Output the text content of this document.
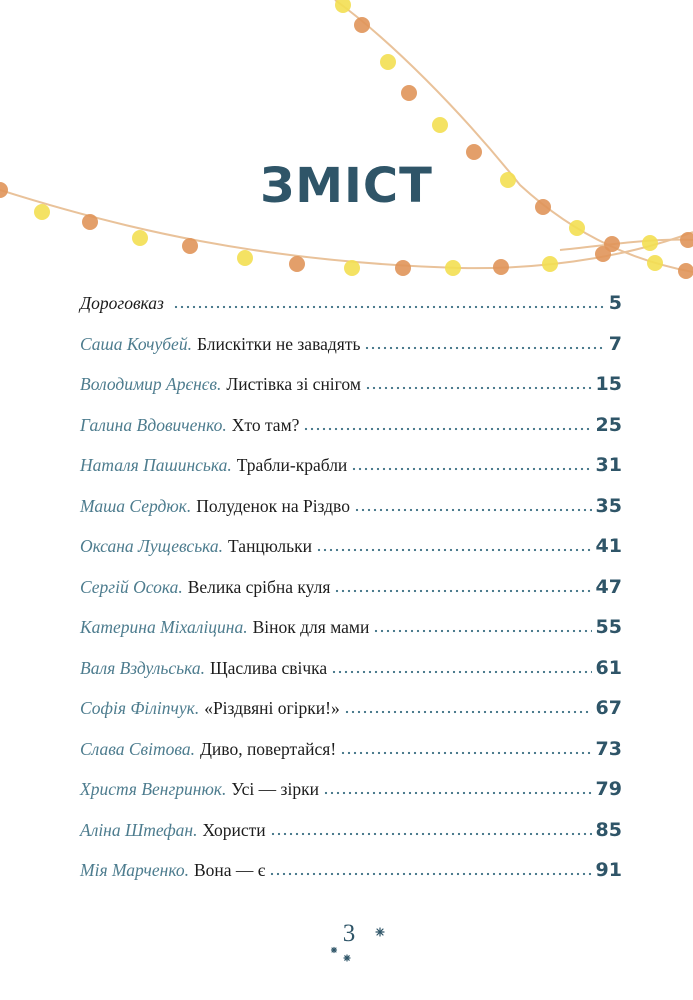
ЗМІСТ
Дороговказ	5
Саша Кочубей. Блискітки не завадять	7
Володимир Арєнєв. Листівка зі снігом	15
Галина Вдовиченко. Хто там?	25
Наталя Пашинська. Трабли-крабли	31
Маша Сердюк. Полуденок на Різдво	35
Оксана Лущевська. Танцюльки	41
Сергій Осока. Велика срібна куля	47
Катерина Міхаліцина. Вінок для мами	55
Валя Вздульська. Щаслива свічка	61
Софія Філіпчук. «Різдвяні огірки!»	67
Слава Світова. Диво, повертайся!	73
Христя Венгринюк. Усі — зірки	79
Аліна Штефан. Хористи	85
Мія Марченко. Вона — є	91
3
